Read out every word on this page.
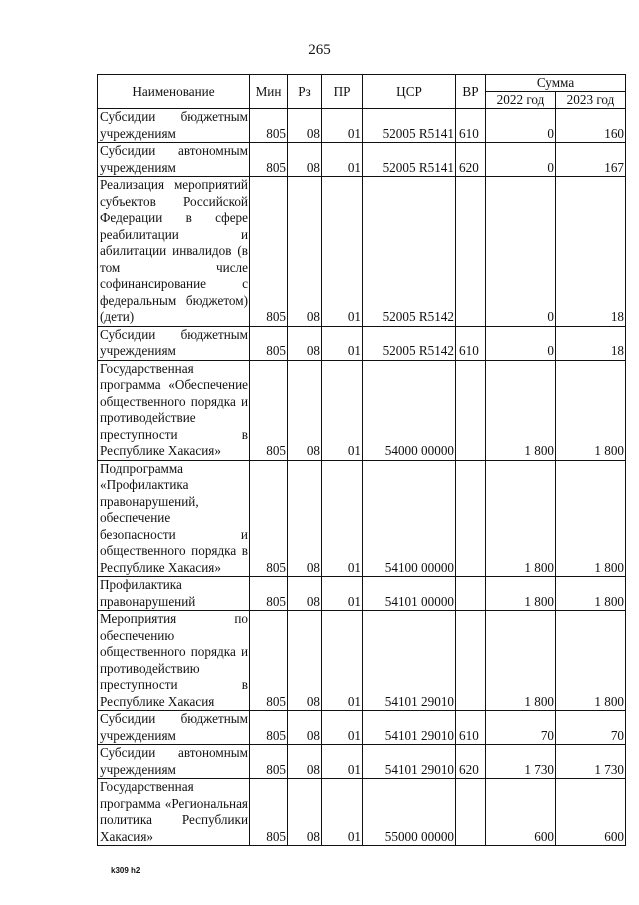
265
Наименование	Мин	Рз	ПР	ЦСР	ВР	Сумма	
						2022 год	2023 год
Субсидии бюджетным учреждениям	805	08	01	52005 R5141	610	0	160
Субсидии автономным учреждениям	805	08	01	52005 R5141	620	0	167
Реализация мероприятий субъектов Российской Федерации в сфере реабилитации и абилитации инвалидов (в том числе софинансирование с федеральным бюджетом) (дети)	805	08	01	52005 R5142		0	18
Субсидии бюджетным учреждениям	805	08	01	52005 R5142	610	0	18
Государственная программа «Обеспечение общественного порядка и противодействие преступности в Республике Хакасия»	805	08	01	54000 00000		1 800	1 800
Подпрограмма «Профилактика правонарушений, обеспечение безопасности и общественного порядка в Республике Хакасия»	805	08	01	54100 00000		1 800	1 800
Профилактика правонарушений	805	08	01	54101 00000		1 800	1 800
Мероприятия по обеспечению общественного порядка и противодействию преступности в Республике Хакасия	805	08	01	54101 29010		1 800	1 800
Субсидии бюджетным учреждениям	805	08	01	54101 29010	610	70	70
Субсидии автономным учреждениям	805	08	01	54101 29010	620	1 730	1 730
Государственная программа «Региональная политика Республики Хакасия»	805	08	01	55000 00000		600	600
k309 h2
